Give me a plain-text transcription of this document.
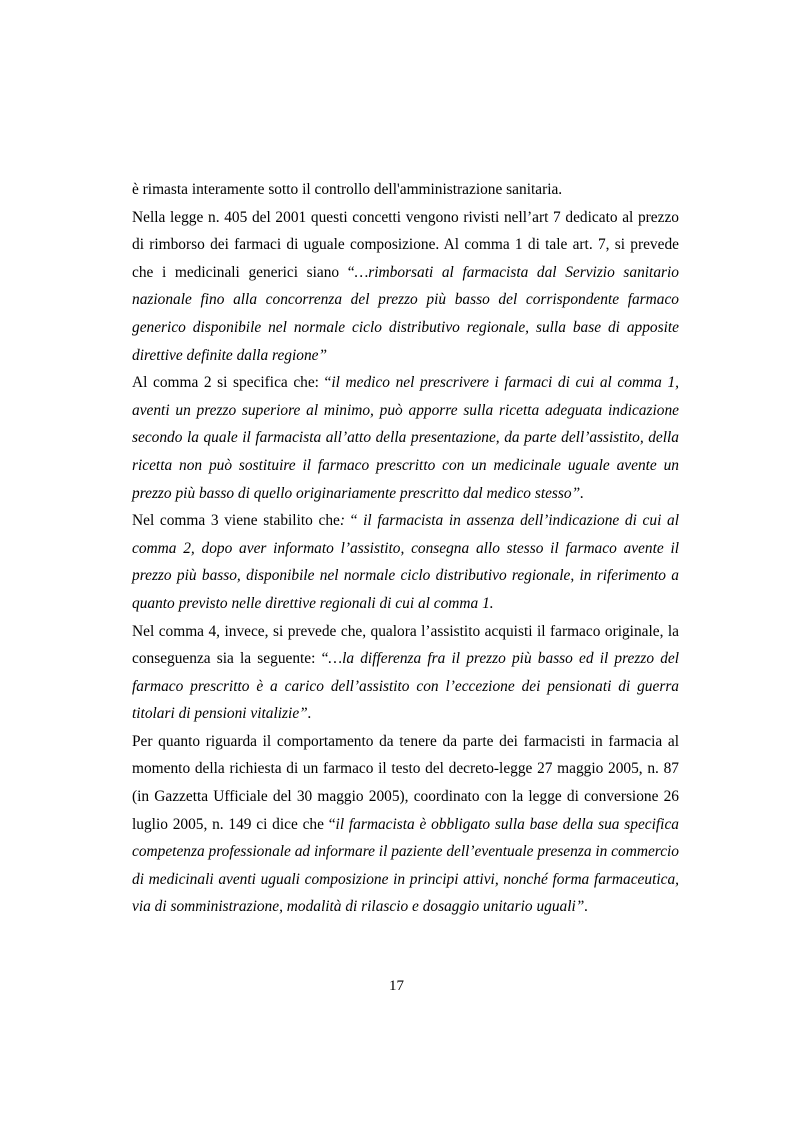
è rimasta interamente sotto il controllo dell'amministrazione sanitaria.

Nella legge n. 405 del 2001 questi concetti vengono rivisti nell’art 7 dedicato al prezzo di rimborso dei farmaci di uguale composizione. Al comma 1 di tale art. 7, si prevede che i medicinali generici siano “…rimborsati al farmacista dal Servizio sanitario nazionale fino alla concorrenza del prezzo più basso del corrispondente farmaco generico disponibile nel normale ciclo distributivo regionale, sulla base di apposite direttive definite dalla regione”

Al comma 2 si specifica che: “il medico nel prescrivere i farmaci di cui al comma 1, aventi un prezzo superiore al minimo, può apporre sulla ricetta adeguata indicazione secondo la quale il farmacista all’atto della presentazione, da parte dell’assistito, della ricetta non può sostituire il farmaco prescritto con un medicinale uguale avente un prezzo più basso di quello originariamente prescritto dal medico stesso”.

Nel comma 3 viene stabilito che: “ il farmacista in assenza dell’indicazione di cui al comma 2, dopo aver informato l’assistito, consegna allo stesso il farmaco avente il prezzo più basso, disponibile nel normale ciclo distributivo regionale, in riferimento a quanto previsto nelle direttive regionali di cui al comma 1.

Nel comma 4, invece, si prevede che, qualora l’assistito acquisti il farmaco originale, la conseguenza sia la seguente: “…la differenza fra il prezzo più basso ed il prezzo del farmaco prescritto è a carico dell’assistito con l’eccezione dei pensionati di guerra titolari di pensioni vitalizie”.

Per quanto riguarda il comportamento da tenere da parte dei farmacisti in farmacia al momento della richiesta di un farmaco il testo del decreto-legge 27 maggio 2005, n. 87 (in Gazzetta Ufficiale del 30 maggio 2005), coordinato con la legge di conversione 26 luglio 2005, n. 149 ci dice che “il farmacista è obbligato sulla base della sua specifica competenza professionale ad informare il paziente dell’eventuale presenza in commercio di medicinali aventi uguali composizione in principi attivi, nonché forma farmaceutica, via di somministrazione, modalità di rilascio e dosaggio unitario uguali”.

17
